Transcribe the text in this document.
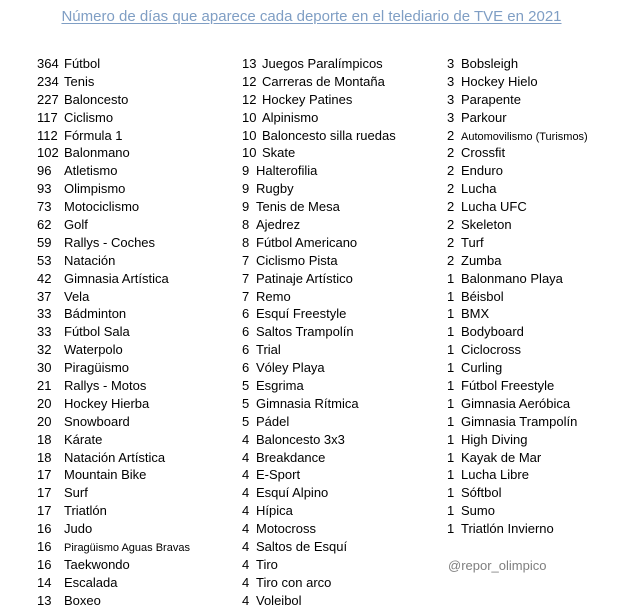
Número de días que aparece cada deporte en el telediario de TVE en 2021
364 Fútbol
234 Tenis
227 Baloncesto
117 Ciclismo
112 Fórmula 1
102 Balonmano
96 Atletismo
93 Olimpismo
73 Motociclismo
62 Golf
59 Rallys - Coches
53 Natación
42 Gimnasia Artística
37 Vela
33 Bádminton
33 Fútbol Sala
32 Waterpolo
30 Piragüismo
21 Rallys - Motos
20 Hockey Hierba
20 Snowboard
18 Kárate
18 Natación Artística
17 Mountain Bike
17 Surf
17 Triatlón
16 Judo
16 Piragüismo Aguas Bravas
16 Taekwondo
14 Escalada
13 Boxeo
13 Juegos Paralímpicos
12 Carreras de Montaña
12 Hockey Patines
10 Alpinismo
10 Baloncesto silla ruedas
10 Skate
9 Halterofilia
9 Rugby
9 Tenis de Mesa
8 Ajedrez
8 Fútbol Americano
7 Ciclismo Pista
7 Patinaje Artístico
7 Remo
6 Esquí Freestyle
6 Saltos Trampolín
6 Trial
6 Vóley Playa
5 Esgrima
5 Gimnasia Rítmica
5 Pádel
4 Baloncesto 3x3
4 Breakdance
4 E-Sport
4 Esquí Alpino
4 Hípica
4 Motocross
4 Saltos de Esquí
4 Tiro
4 Tiro con arco
4 Voleibol
3 Bobsleigh
3 Hockey Hielo
3 Parapente
3 Parkour
2 Automovilismo (Turismos)
2 Crossfit
2 Enduro
2 Lucha
2 Lucha UFC
2 Skeleton
2 Turf
2 Zumba
1 Balonmano Playa
1 Béisbol
1 BMX
1 Bodyboard
1 Ciclocross
1 Curling
1 Fútbol Freestyle
1 Gimnasia Aeróbica
1 Gimnasia Trampolín
1 High Diving
1 Kayak de Mar
1 Lucha Libre
1 Sóftbol
1 Sumo
1 Triatlón Invierno
@repor_olimpico
